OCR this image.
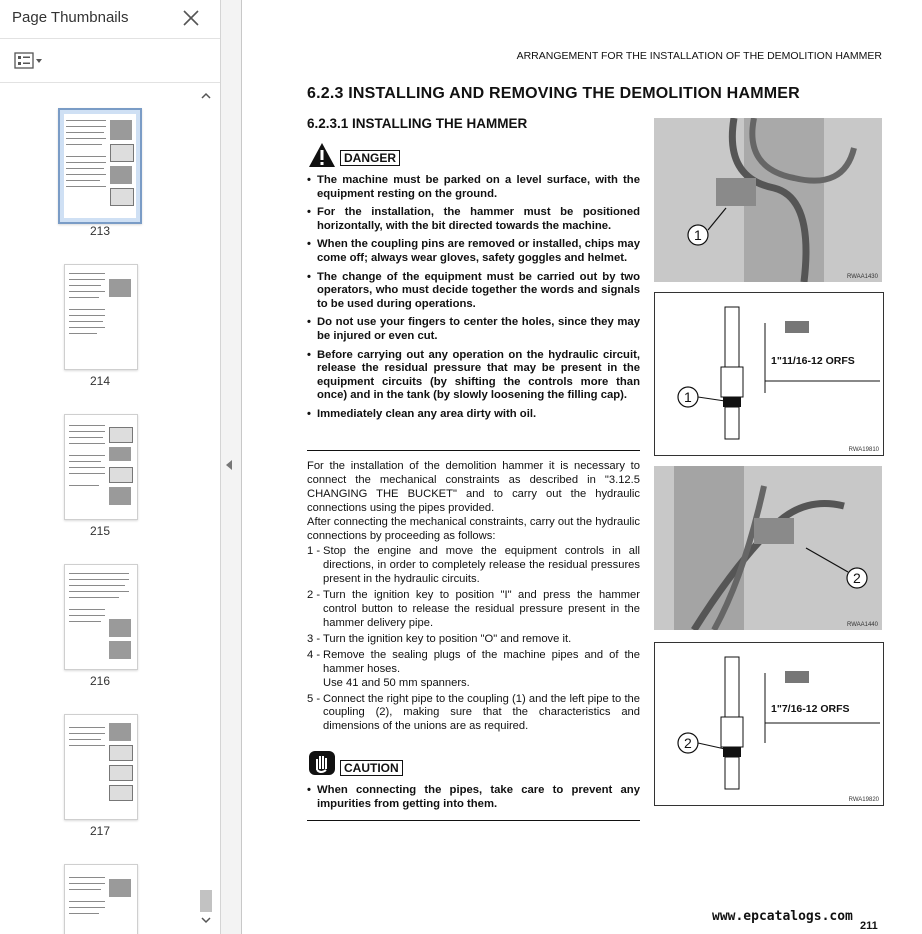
Page Thumbnails
213
214
215
216
217
ARRANGEMENT FOR THE INSTALLATION OF THE DEMOLITION HAMMER
6.2.3 INSTALLING AND REMOVING THE DEMOLITION HAMMER
6.2.3.1 INSTALLING THE HAMMER
DANGER
• The machine must be parked on a level surface, with the equipment resting on the ground.
• For the installation, the hammer must be positioned horizontally, with the bit directed towards the machine.
• When the coupling pins are removed or installed, chips may come off; always wear gloves, safety goggles and helmet.
• The change of the equipment must be carried out by two operators, who must decide together the words and signals to be used during operations.
• Do not use your fingers to center the holes, since they may be injured or even cut.
• Before carrying out any operation on the hydraulic circuit, release the residual pressure that may be present in the equipment circuits (by shifting the controls more than once) and in the tank (by slowly loosening the filling cap).
• Immediately clean any area dirty with oil.

For the installation of the demolition hammer it is necessary to connect the mechanical constraints as described in "3.12.5 CHANGING THE BUCKET" and to carry out the hydraulic connections using the pipes provided.

After connecting the mechanical constraints, carry out the hydraulic connections by proceeding as follows:

1 - Stop the engine and move the equipment controls in all directions, in order to completely release the residual pressures present in the hydraulic circuits.
2 - Turn the ignition key to position "I" and press the hammer control button to release the residual pressure present in the hammer delivery pipe.
3 - Turn the ignition key to position "O" and remove it.
4 - Remove the sealing plugs of the machine pipes and of the hammer hoses.
Use 41 and 50 mm spanners.
5 - Connect the right pipe to the coupling (1) and the left pipe to the coupling (2), making sure that the characteristics and dimensions of the unions are as required.
CAUTION
• When connecting the pipes, take care to prevent any impurities from getting into them.
1
RWAA1430
1
1"11/16-12 ORFS
RWA19810
2
RWAA1440
2
1"7/16-12 ORFS
RWA19820
www.epcatalogs.com
211
